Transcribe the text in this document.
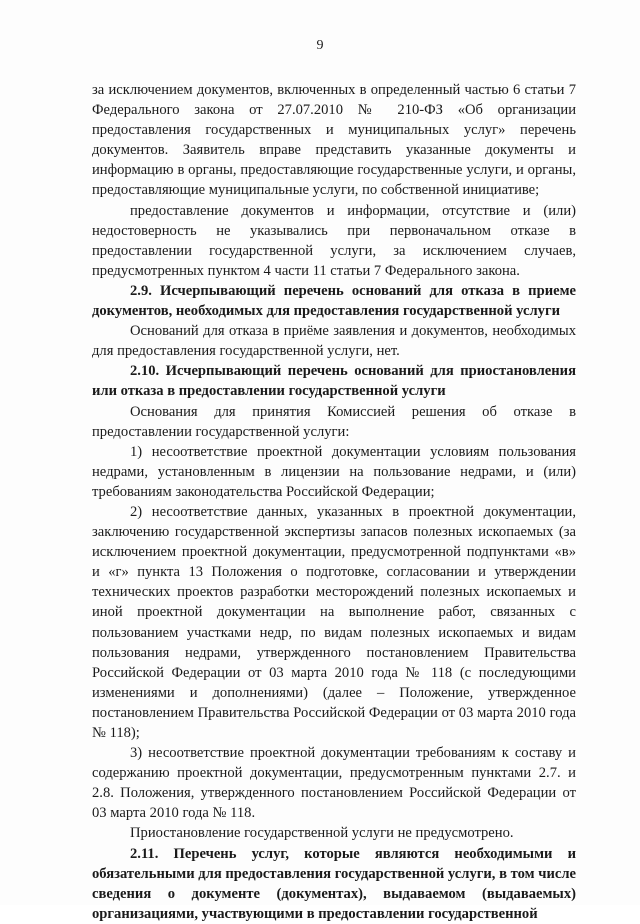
9

за исключением документов, включенных в определенный частью 6 статьи 7 Федерального закона от 27.07.2010 № 210-ФЗ «Об организации предоставления государственных и муниципальных услуг» перечень документов. Заявитель вправе представить указанные документы и информацию в органы, предоставляющие государственные услуги, и органы, предоставляющие муниципальные услуги, по собственной инициативе;

предоставление документов и информации, отсутствие и (или) недостоверность не указывались при первоначальном отказе в предоставлении государственной услуги, за исключением случаев, предусмотренных пунктом 4 части 11 статьи 7 Федерального закона.

2.9. Исчерпывающий перечень оснований для отказа в приеме документов, необходимых для предоставления государственной услуги

Оснований для отказа в приёме заявления и документов, необходимых для предоставления государственной услуги, нет.

2.10. Исчерпывающий перечень оснований для приостановления или отказа в предоставлении государственной услуги

Основания для принятия Комиссией решения об отказе в предоставлении государственной услуги:

1) несоответствие проектной документации условиям пользования недрами, установленным в лицензии на пользование недрами, и (или) требованиям законодательства Российской Федерации;

2) несоответствие данных, указанных в проектной документации, заключению государственной экспертизы запасов полезных ископаемых (за исключением проектной документации, предусмотренной подпунктами «в» и «г» пункта 13 Положения о подготовке, согласовании и утверждении технических проектов разработки месторождений полезных ископаемых и иной проектной документации на выполнение работ, связанных с пользованием участками недр, по видам полезных ископаемых и видам пользования недрами, утвержденного постановлением Правительства Российской Федерации от 03 марта 2010 года № 118 (с последующими изменениями и дополнениями) (далее – Положение, утвержденное постановлением Правительства Российской Федерации от 03 марта 2010 года № 118);

3) несоответствие проектной документации требованиям к составу и содержанию проектной документации, предусмотренным пунктами 2.7. и 2.8. Положения, утвержденного постановлением Российской Федерации от 03 марта 2010 года № 118.

Приостановление государственной услуги не предусмотрено.

2.11. Перечень услуг, которые являются необходимыми и обязательными для предоставления государственной услуги, в том числе сведения о документе (документах), выдаваемом (выдаваемых) организациями, участвующими в предоставлении государственной
